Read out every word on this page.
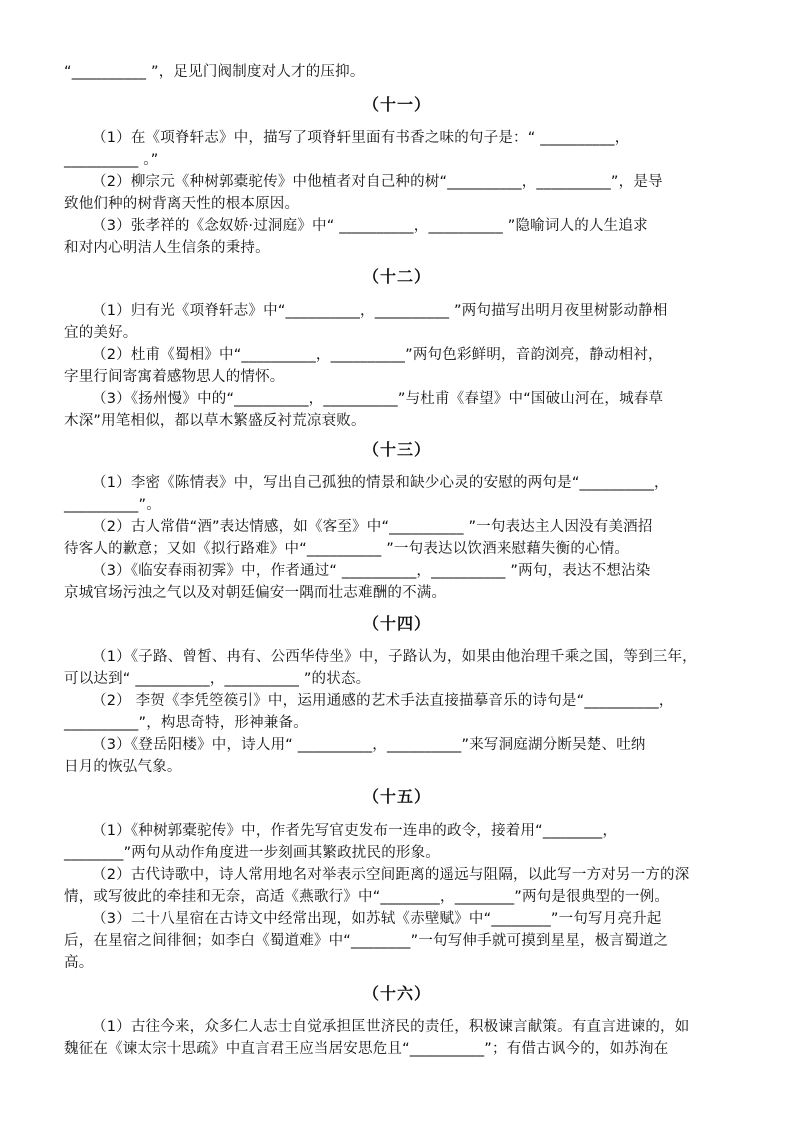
“__________ ”，足见门阀制度对人才的压抑。
（十一）
（1）在《项脊轩志》中，描写了项脊轩里面有书香之味的句子是：“ __________，
__________ 。”
（2）柳宗元《种树郭橐驼传》中他植者对自己种的树“__________，__________”，是导
致他们种的树背离天性的根本原因。
（3）张孝祥的《念奴娇·过洞庭》中“ __________，__________ ”隐喻词人的人生追求
和对内心明洁人生信条的秉持。
（十二）
（1）归有光《项脊轩志》中“__________，__________ ”两句描写出明月夜里树影动静相
宜的美好。
（2）杜甫《蜀相》中“__________，__________”两句色彩鲜明，音韵浏亮，静动相衬，
字里行间寄寓着感物思人的情怀。
（3）《扬州慢》中的“__________，__________”与杜甫《春望》中“国破山河在，城春草
木深”用笔相似，都以草木繁盛反衬荒凉衰败。
（十三）
（1）李密《陈情表》中，写出自己孤独的情景和缺少心灵的安慰的两句是“__________，
__________”。
（2）古人常借“酒”表达情感，如《客至》中“__________ ”一句表达主人因没有美酒招
待客人的歉意；又如《拟行路难》中“__________ ”一句表达以饮酒来慰藉失衡的心情。
（3）《临安春雨初霁》中，作者通过“ __________，__________ ”两句，表达不想沾染
京城官场污浊之气以及对朝廷偏安一隅而壮志难酬的不满。
（十四）
（1）《子路、曾皙、冉有、公西华侍坐》中，子路认为，如果由他治理千乘之国，等到三年，
可以达到“ __________，__________ ”的状态。
（2） 李贺《李凭箜篌引》中，运用通感的艺术手法直接描摹音乐的诗句是“__________，
__________”，构思奇特，形神兼备。
（3）《登岳阳楼》中，诗人用“ __________，__________”来写洞庭湖分断吴楚、吐纳
日月的恢弘气象。
（十五）
（1）《种树郭橐驼传》中，作者先写官吏发布一连串的政令，接着用“________，
________”两句从动作角度进一步刻画其繁政扰民的形象。
（2）古代诗歌中，诗人常用地名对举表示空间距离的遥远与阻隔，以此写一方对另一方的深
情，或写彼此的牵挂和无奈，高适《燕歌行》中“________，________”两句是很典型的一例。
（3）二十八星宿在古诗文中经常出现，如苏轼《赤壁赋》中“________”一句写月亮升起
后，在星宿之间徘徊；如李白《蜀道难》中“________”一句写伸手就可摸到星星，极言蜀道之
高。
（十六）
（1）古往今来，众多仁人志士自觉承担匡世济民的责任，积极谏言献策。有直言进谏的，如
魏征在《谏太宗十思疏》中直言君王应当居安思危且“__________”；有借古讽今的，如苏洵在
